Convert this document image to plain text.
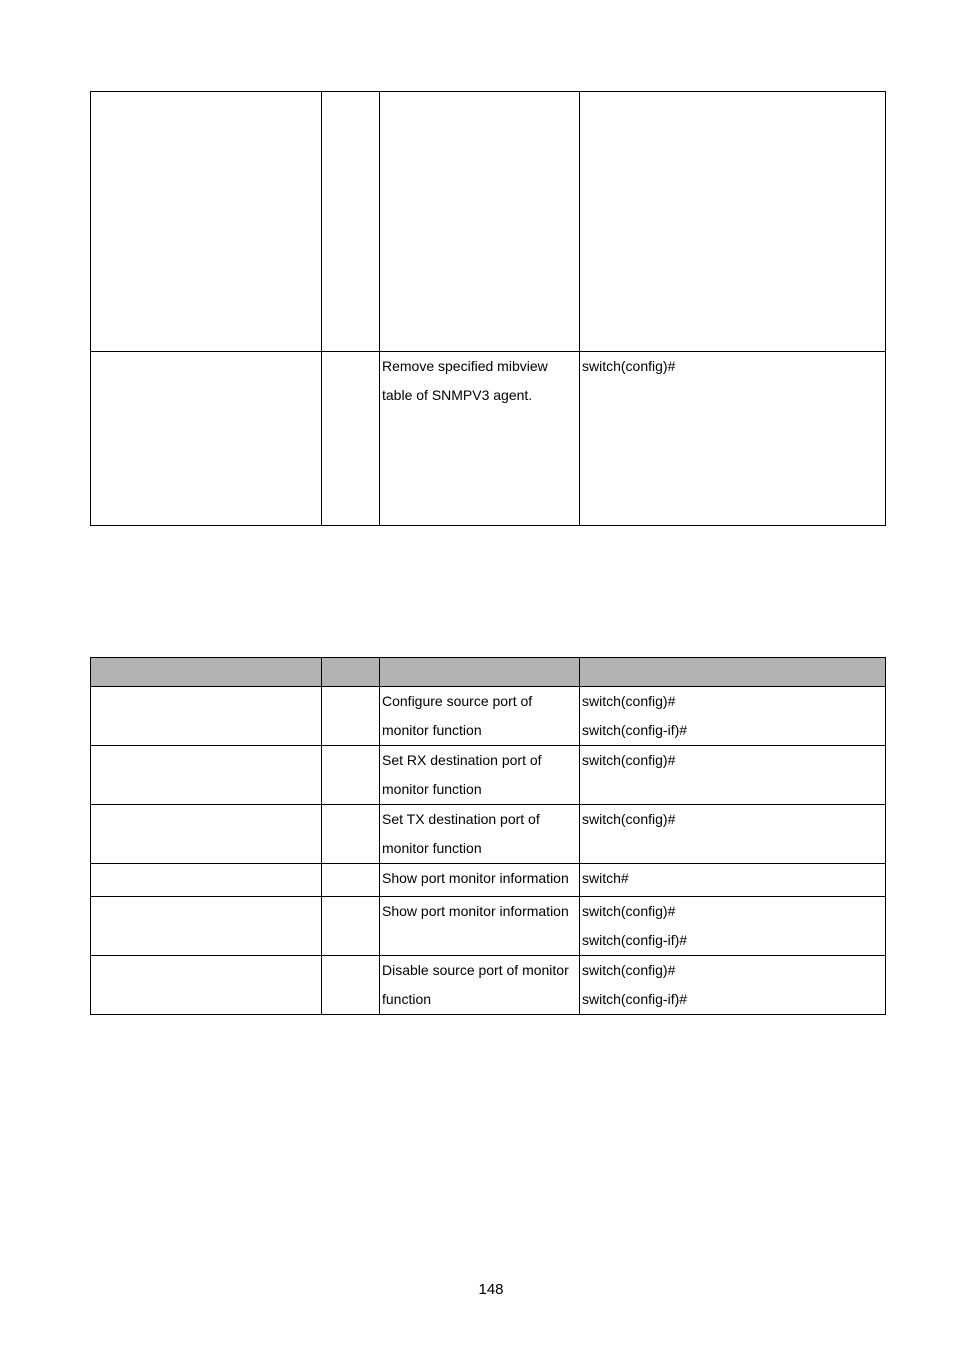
		Remove specified mibview table of SNMPV3 agent.	switch(config)#

		Configure source port of monitor function	switch(config)#
switch(config-if)#

		Set RX destination port of monitor function	switch(config)#

		Set TX destination port of monitor function	switch(config)#

		Show port monitor information	switch#

		Show port monitor information	switch(config)#
switch(config-if)#

		Disable source port of monitor function	switch(config)#
switch(config-if)#
148
